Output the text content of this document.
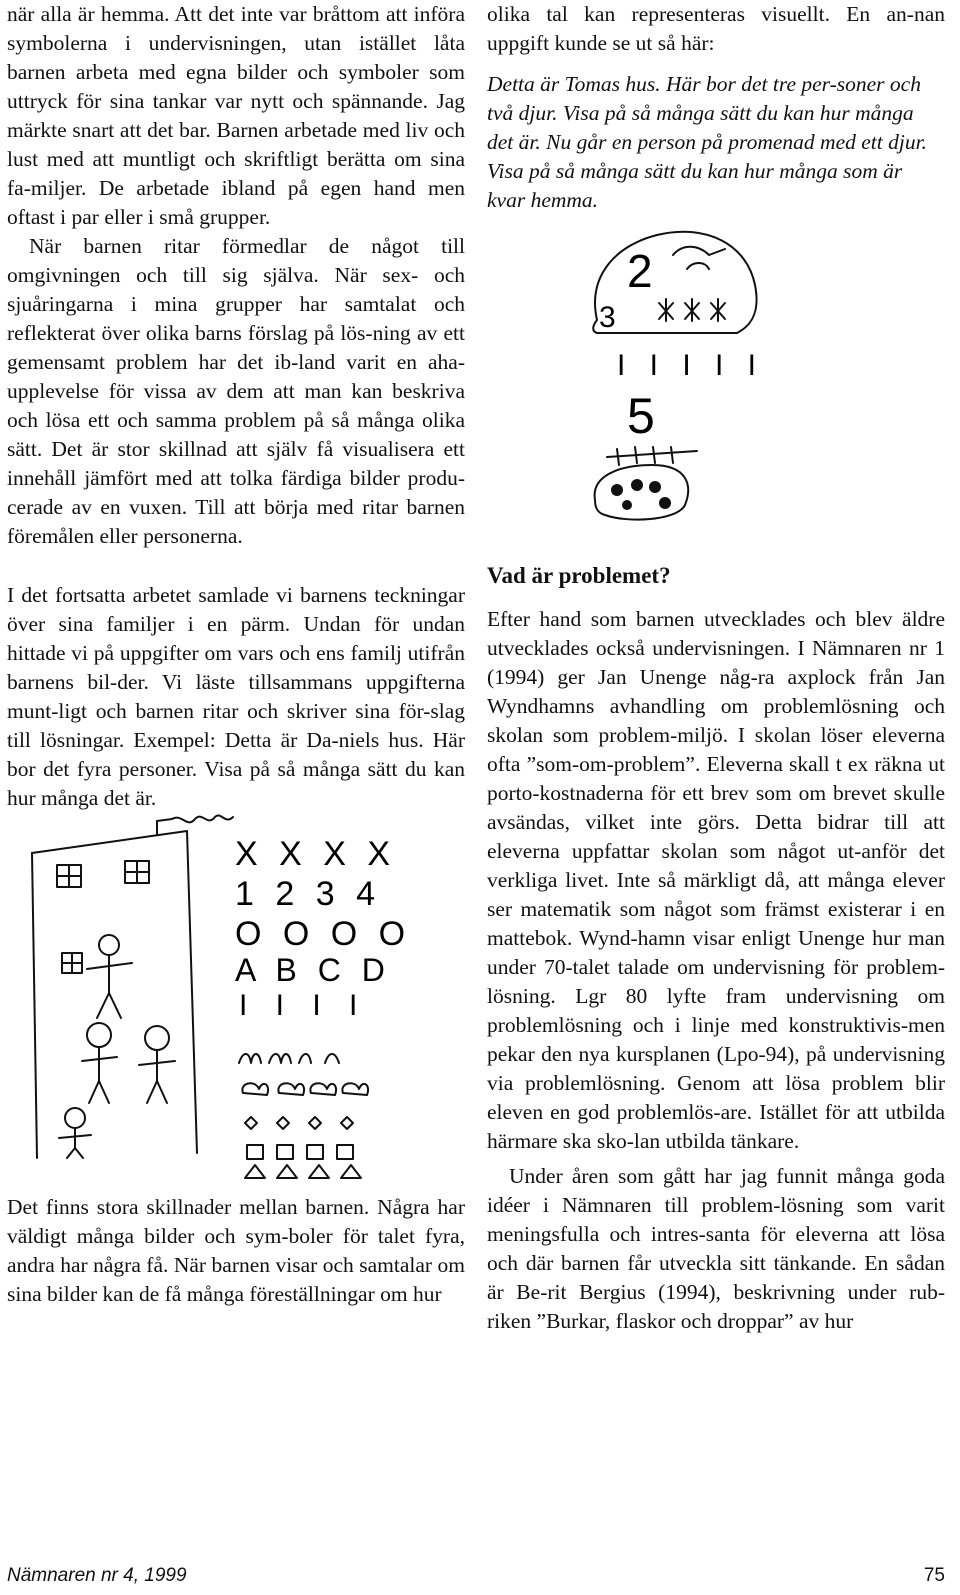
när alla är hemma. Att det inte var bråttom att införa symbolerna i undervisningen, utan istället låta barnen arbeta med egna bilder och symboler som uttryck för sina tankar var nytt och spännande. Jag märkte snart att det bar. Barnen arbetade med liv och lust med att muntligt och skriftligt berätta om sina fa-miljer. De arbetade ibland på egen hand men oftast i par eller i små grupper.

När barnen ritar förmedlar de något till omgivningen och till sig själva. När sex- och sjuåringarna i mina grupper har samtalat och reflekterat över olika barns förslag på lös-ning av ett gemensamt problem har det ib-land varit en aha-upplevelse för vissa av dem att man kan beskriva och lösa ett och samma problem på så många olika sätt. Det är stor skillnad att själv få visualisera ett innehåll jämfört med att tolka färdiga bilder produ-cerade av en vuxen. Till att börja med ritar barnen föremålen eller personerna.

I det fortsatta arbetet samlade vi barnens teckningar över sina familjer i en pärm. Undan för undan hittade vi på uppgifter om vars och ens familj utifrån barnens bil-der. Vi läste tillsammans uppgifterna munt-ligt och barnen ritar och skriver sina för-slag till lösningar. Exempel: Detta är Da-niels hus. Här bor det fyra personer. Visa på så många sätt du kan hur många det är.

X X X X
1 2 3 4
O O O O
A B C D
I I I I

Det finns stora skillnader mellan barnen. Några har väldigt många bilder och sym-boler för talet fyra, andra har några få. När barnen visar och samtalar om sina bilder kan de få många föreställningar om hur

olika tal kan representeras visuellt. En an-nan uppgift kunde se ut så här:

Detta är Tomas hus. Här bor det tre per-soner och två djur. Visa på så många sätt du kan hur många det är. Nu går en person på promenad med ett djur. Visa på så många sätt du kan hur många som är kvar hemma.

2
3
I I I I I
5
Vad är problemet?

Efter hand som barnen utvecklades och blev äldre utvecklades också undervisningen. I Nämnaren nr 1 (1994) ger Jan Unenge någ-ra axplock från Jan Wyndhamns avhandling om problemlösning och skolan som problem-miljö. I skolan löser eleverna ofta ”som-om-problem”. Eleverna skall t ex räkna ut porto-kostnaderna för ett brev som om brevet skulle avsändas, vilket inte görs. Detta bidrar till att eleverna uppfattar skolan som något ut-anför det verkliga livet. Inte så märkligt då, att många elever ser matematik som något som främst existerar i en mattebok. Wynd-hamn visar enligt Unenge hur man under 70-talet talade om undervisning för problem-lösning. Lgr 80 lyfte fram undervisning om problemlösning och i linje med konstruktivis-men pekar den nya kursplanen (Lpo-94), på undervisning via problemlösning. Genom att lösa problem blir eleven en god problemlös-are. Istället för att utbilda härmare ska sko-lan utbilda tänkare.

Under åren som gått har jag funnit många goda idéer i Nämnaren till problem-lösning som varit meningsfulla och intres-santa för eleverna att lösa och där barnen får utveckla sitt tänkande. En sådan är Be-rit Bergius (1994), beskrivning under rub-riken ”Burkar, flaskor och droppar” av hur

Nämnaren nr 4, 1999	75
